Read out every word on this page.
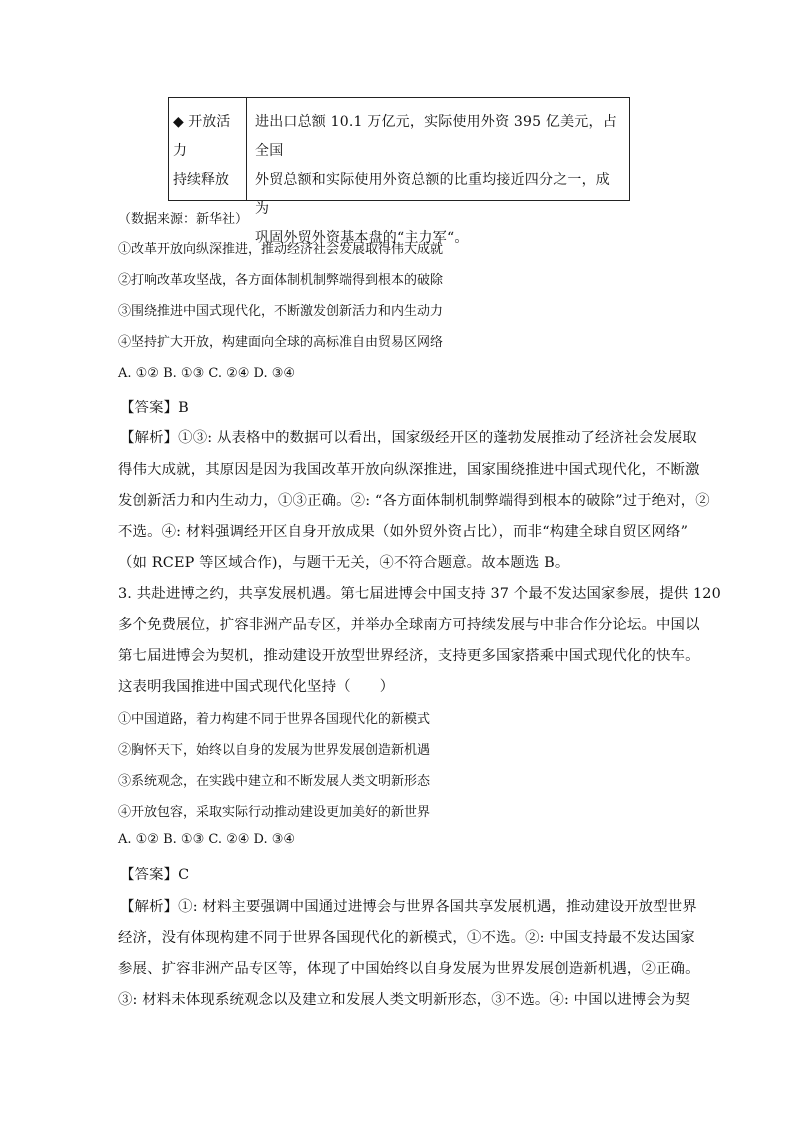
◆ 开放活
力
持续释放
进出口总额 10.1 万亿元，实际使用外资 395 亿美元，占全国
外贸总额和实际使用外资总额的比重均接近四分之一，成为
巩固外贸外资基本盘的“主力军“。
（数据来源：新华社）
①改革开放向纵深推进，推动经济社会发展取得伟大成就
②打响改革攻坚战，各方面体制机制弊端得到根本的破除
③围绕推进中国式现代化，不断激发创新活力和内生动力
④坚持扩大开放，构建面向全球的高标准自由贸易区网络
A. ①② B. ①③ C. ②④ D. ③④
【答案】B
【解析】①③: 从表格中的数据可以看出，国家级经开区的蓬勃发展推动了经济社会发展取
得伟大成就，其原因是因为我国改革开放向纵深推进，国家围绕推进中国式现代化，不断激
发创新活力和内生动力，①③正确。②: “各方面体制机制弊端得到根本的破除”过于绝对，②
不选。④: 材料强调经开区自身开放成果（如外贸外资占比），而非“构建全球自贸区网络”
（如 RCEP 等区域合作)，与题干无关，④不符合题意。故本题选 B。
3. 共赴进博之约，共享发展机遇。第七届进博会中国支持 37 个最不发达国家参展，提供 120
多个免费展位，扩容非洲产品专区，并举办全球南方可持续发展与中非合作分论坛。中国以
第七届进博会为契机，推动建设开放型世界经济，支持更多国家搭乘中国式现代化的快车。
这表明我国推进中国式现代化坚持（　　）
①中国道路，着力构建不同于世界各国现代化的新模式
②胸怀天下，始终以自身的发展为世界发展创造新机遇
③系统观念，在实践中建立和不断发展人类文明新形态
④开放包容，采取实际行动推动建设更加美好的新世界
A. ①② B. ①③ C. ②④ D. ③④
【答案】C
【解析】①: 材料主要强调中国通过进博会与世界各国共享发展机遇，推动建设开放型世界
经济，没有体现构建不同于世界各国现代化的新模式，①不选。②: 中国支持最不发达国家
参展、扩容非洲产品专区等，体现了中国始终以自身发展为世界发展创造新机遇，②正确。
③: 材料未体现系统观念以及建立和发展人类文明新形态，③不选。④: 中国以进博会为契
